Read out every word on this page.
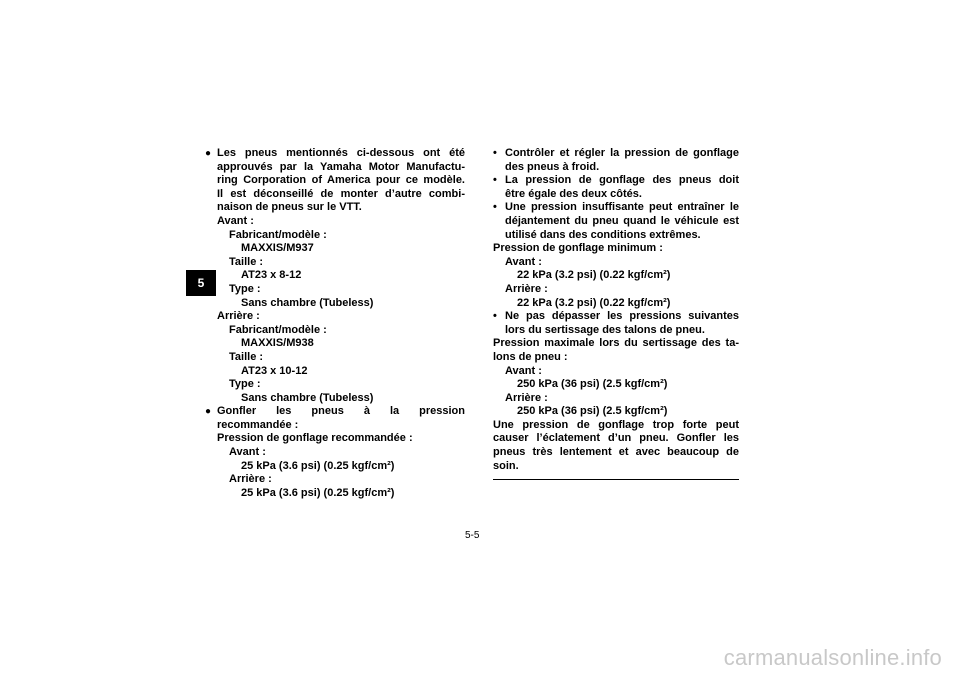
5
● Les pneus mentionnés ci-dessous ont été
approuvés par la Yamaha Motor Manufactu-
ring Corporation of America pour ce modèle.
Il est déconseillé de monter d’autre combi-
naison de pneus sur le VTT.
Avant :
Fabricant/modèle :
MAXXIS/M937
Taille :
AT23 x 8-12
Type :
Sans chambre (Tubeless)
Arrière :
Fabricant/modèle :
MAXXIS/M938
Taille :
AT23 x 10-12
Type :
Sans chambre (Tubeless)
● Gonfler les pneus à la pression
recommandée :
Pression de gonflage recommandée :
Avant :
25 kPa (3.6 psi) (0.25 kgf/cm²)
Arrière :
25 kPa (3.6 psi) (0.25 kgf/cm²)
• Contrôler et régler la pression de gonflage
des pneus à froid.
• La pression de gonflage des pneus doit
être égale des deux côtés.
• Une pression insuffisante peut entraîner le
déjantement du pneu quand le véhicule est
utilisé dans des conditions extrêmes.
Pression de gonflage minimum :
Avant :
22 kPa (3.2 psi) (0.22 kgf/cm²)
Arrière :
22 kPa (3.2 psi) (0.22 kgf/cm²)
• Ne pas dépasser les pressions suivantes
lors du sertissage des talons de pneu.
Pression maximale lors du sertissage des ta-
lons de pneu :
Avant :
250 kPa (36 psi) (2.5 kgf/cm²)
Arrière :
250 kPa (36 psi) (2.5 kgf/cm²)
Une pression de gonflage trop forte peut
causer l’éclatement d’un pneu. Gonfler les
pneus très lentement et avec beaucoup de
soin.
5-5
carmanualsonline.info
